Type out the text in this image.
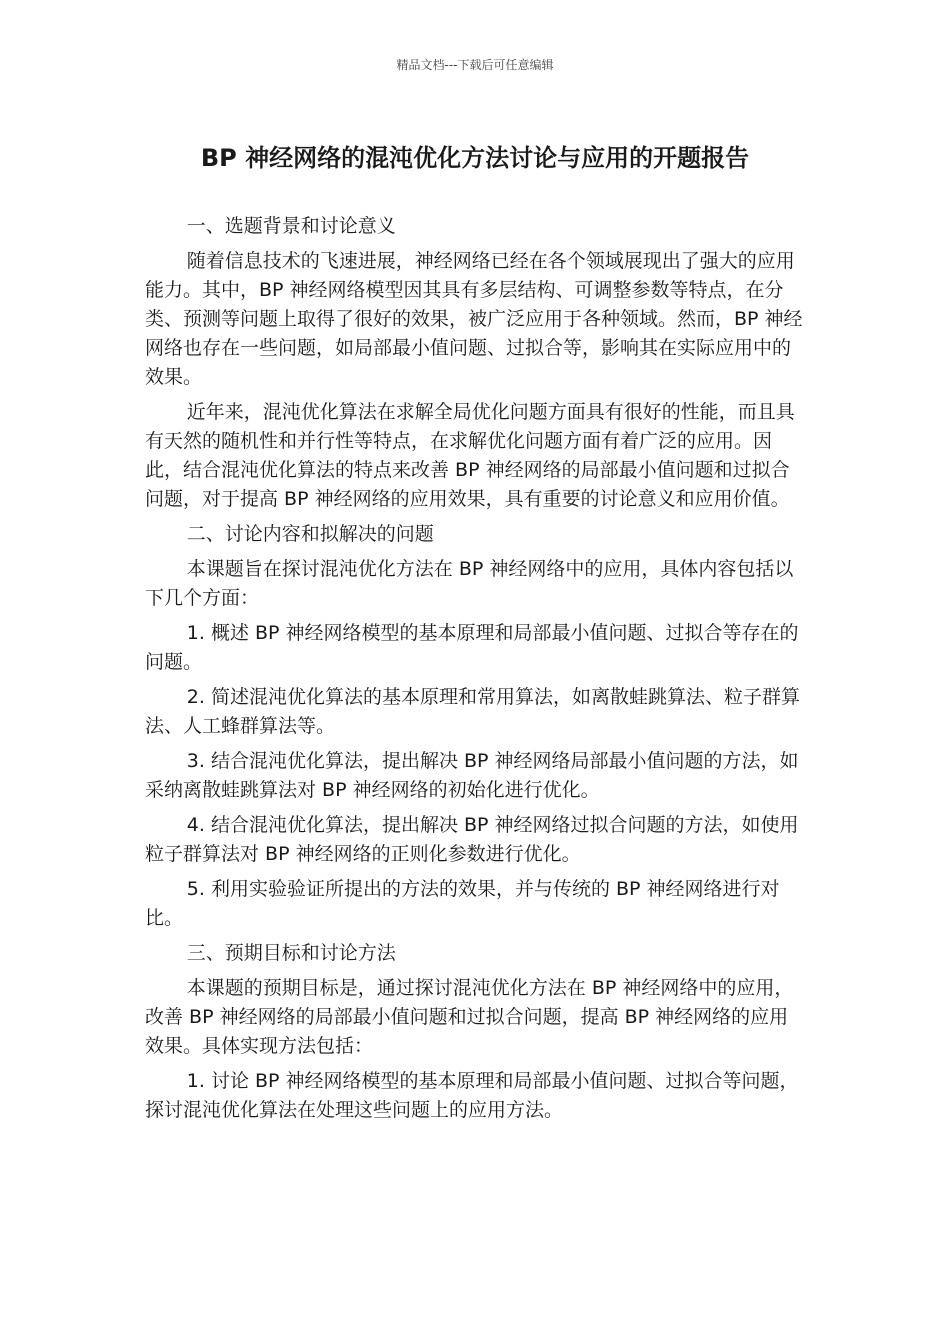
精品文档---下载后可任意编辑
BP 神经网络的混沌优化方法讨论与应用的开题报告

一、选题背景和讨论意义

随着信息技术的飞速进展，神经网络已经在各个领域展现出了强大的应用能力。其中，BP 神经网络模型因其具有多层结构、可调整参数等特点，在分类、预测等问题上取得了很好的效果，被广泛应用于各种领域。然而，BP 神经网络也存在一些问题，如局部最小值问题、过拟合等，影响其在实际应用中的效果。

近年来，混沌优化算法在求解全局优化问题方面具有很好的性能，而且具有天然的随机性和并行性等特点，在求解优化问题方面有着广泛的应用。因此，结合混沌优化算法的特点来改善 BP 神经网络的局部最小值问题和过拟合问题，对于提高 BP 神经网络的应用效果，具有重要的讨论意义和应用价值。

二、讨论内容和拟解决的问题

本课题旨在探讨混沌优化方法在 BP 神经网络中的应用，具体内容包括以下几个方面：

1. 概述 BP 神经网络模型的基本原理和局部最小值问题、过拟合等存在的问题。

2. 简述混沌优化算法的基本原理和常用算法，如离散蛙跳算法、粒子群算法、人工蜂群算法等。

3. 结合混沌优化算法，提出解决 BP 神经网络局部最小值问题的方法，如采纳离散蛙跳算法对 BP 神经网络的初始化进行优化。

4. 结合混沌优化算法，提出解决 BP 神经网络过拟合问题的方法，如使用粒子群算法对 BP 神经网络的正则化参数进行优化。

5. 利用实验验证所提出的方法的效果，并与传统的 BP 神经网络进行对比。

三、预期目标和讨论方法

本课题的预期目标是，通过探讨混沌优化方法在 BP 神经网络中的应用，改善 BP 神经网络的局部最小值问题和过拟合问题，提高 BP 神经网络的应用效果。具体实现方法包括：

1. 讨论 BP 神经网络模型的基本原理和局部最小值问题、过拟合等问题，探讨混沌优化算法在处理这些问题上的应用方法。
